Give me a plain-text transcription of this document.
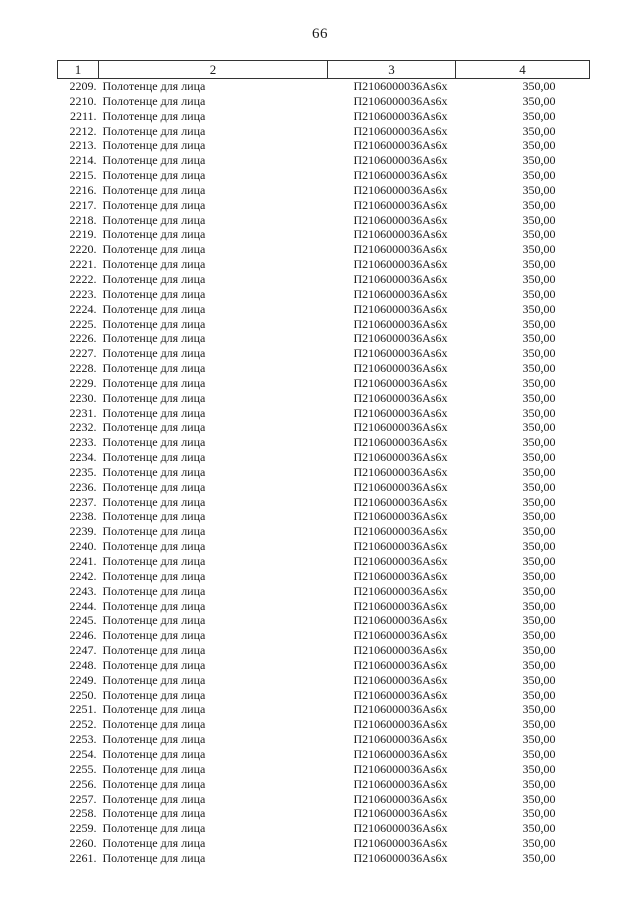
66
1	2	3	4
2209.	Полотенце для лица	П2106000036As6x	350,00
2210.	Полотенце для лица	П2106000036As6x	350,00
2211.	Полотенце для лица	П2106000036As6x	350,00
2212.	Полотенце для лица	П2106000036As6x	350,00
2213.	Полотенце для лица	П2106000036As6x	350,00
2214.	Полотенце для лица	П2106000036As6x	350,00
2215.	Полотенце для лица	П2106000036As6x	350,00
2216.	Полотенце для лица	П2106000036As6x	350,00
2217.	Полотенце для лица	П2106000036As6x	350,00
2218.	Полотенце для лица	П2106000036As6x	350,00
2219.	Полотенце для лица	П2106000036As6x	350,00
2220.	Полотенце для лица	П2106000036As6x	350,00
2221.	Полотенце для лица	П2106000036As6x	350,00
2222.	Полотенце для лица	П2106000036As6x	350,00
2223.	Полотенце для лица	П2106000036As6x	350,00
2224.	Полотенце для лица	П2106000036As6x	350,00
2225.	Полотенце для лица	П2106000036As6x	350,00
2226.	Полотенце для лица	П2106000036As6x	350,00
2227.	Полотенце для лица	П2106000036As6x	350,00
2228.	Полотенце для лица	П2106000036As6x	350,00
2229.	Полотенце для лица	П2106000036As6x	350,00
2230.	Полотенце для лица	П2106000036As6x	350,00
2231.	Полотенце для лица	П2106000036As6x	350,00
2232.	Полотенце для лица	П2106000036As6x	350,00
2233.	Полотенце для лица	П2106000036As6x	350,00
2234.	Полотенце для лица	П2106000036As6x	350,00
2235.	Полотенце для лица	П2106000036As6x	350,00
2236.	Полотенце для лица	П2106000036As6x	350,00
2237.	Полотенце для лица	П2106000036As6x	350,00
2238.	Полотенце для лица	П2106000036As6x	350,00
2239.	Полотенце для лица	П2106000036As6x	350,00
2240.	Полотенце для лица	П2106000036As6x	350,00
2241.	Полотенце для лица	П2106000036As6x	350,00
2242.	Полотенце для лица	П2106000036As6x	350,00
2243.	Полотенце для лица	П2106000036As6x	350,00
2244.	Полотенце для лица	П2106000036As6x	350,00
2245.	Полотенце для лица	П2106000036As6x	350,00
2246.	Полотенце для лица	П2106000036As6x	350,00
2247.	Полотенце для лица	П2106000036As6x	350,00
2248.	Полотенце для лица	П2106000036As6x	350,00
2249.	Полотенце для лица	П2106000036As6x	350,00
2250.	Полотенце для лица	П2106000036As6x	350,00
2251.	Полотенце для лица	П2106000036As6x	350,00
2252.	Полотенце для лица	П2106000036As6x	350,00
2253.	Полотенце для лица	П2106000036As6x	350,00
2254.	Полотенце для лица	П2106000036As6x	350,00
2255.	Полотенце для лица	П2106000036As6x	350,00
2256.	Полотенце для лица	П2106000036As6x	350,00
2257.	Полотенце для лица	П2106000036As6x	350,00
2258.	Полотенце для лица	П2106000036As6x	350,00
2259.	Полотенце для лица	П2106000036As6x	350,00
2260.	Полотенце для лица	П2106000036As6x	350,00
2261.	Полотенце для лица	П2106000036As6x	350,00
